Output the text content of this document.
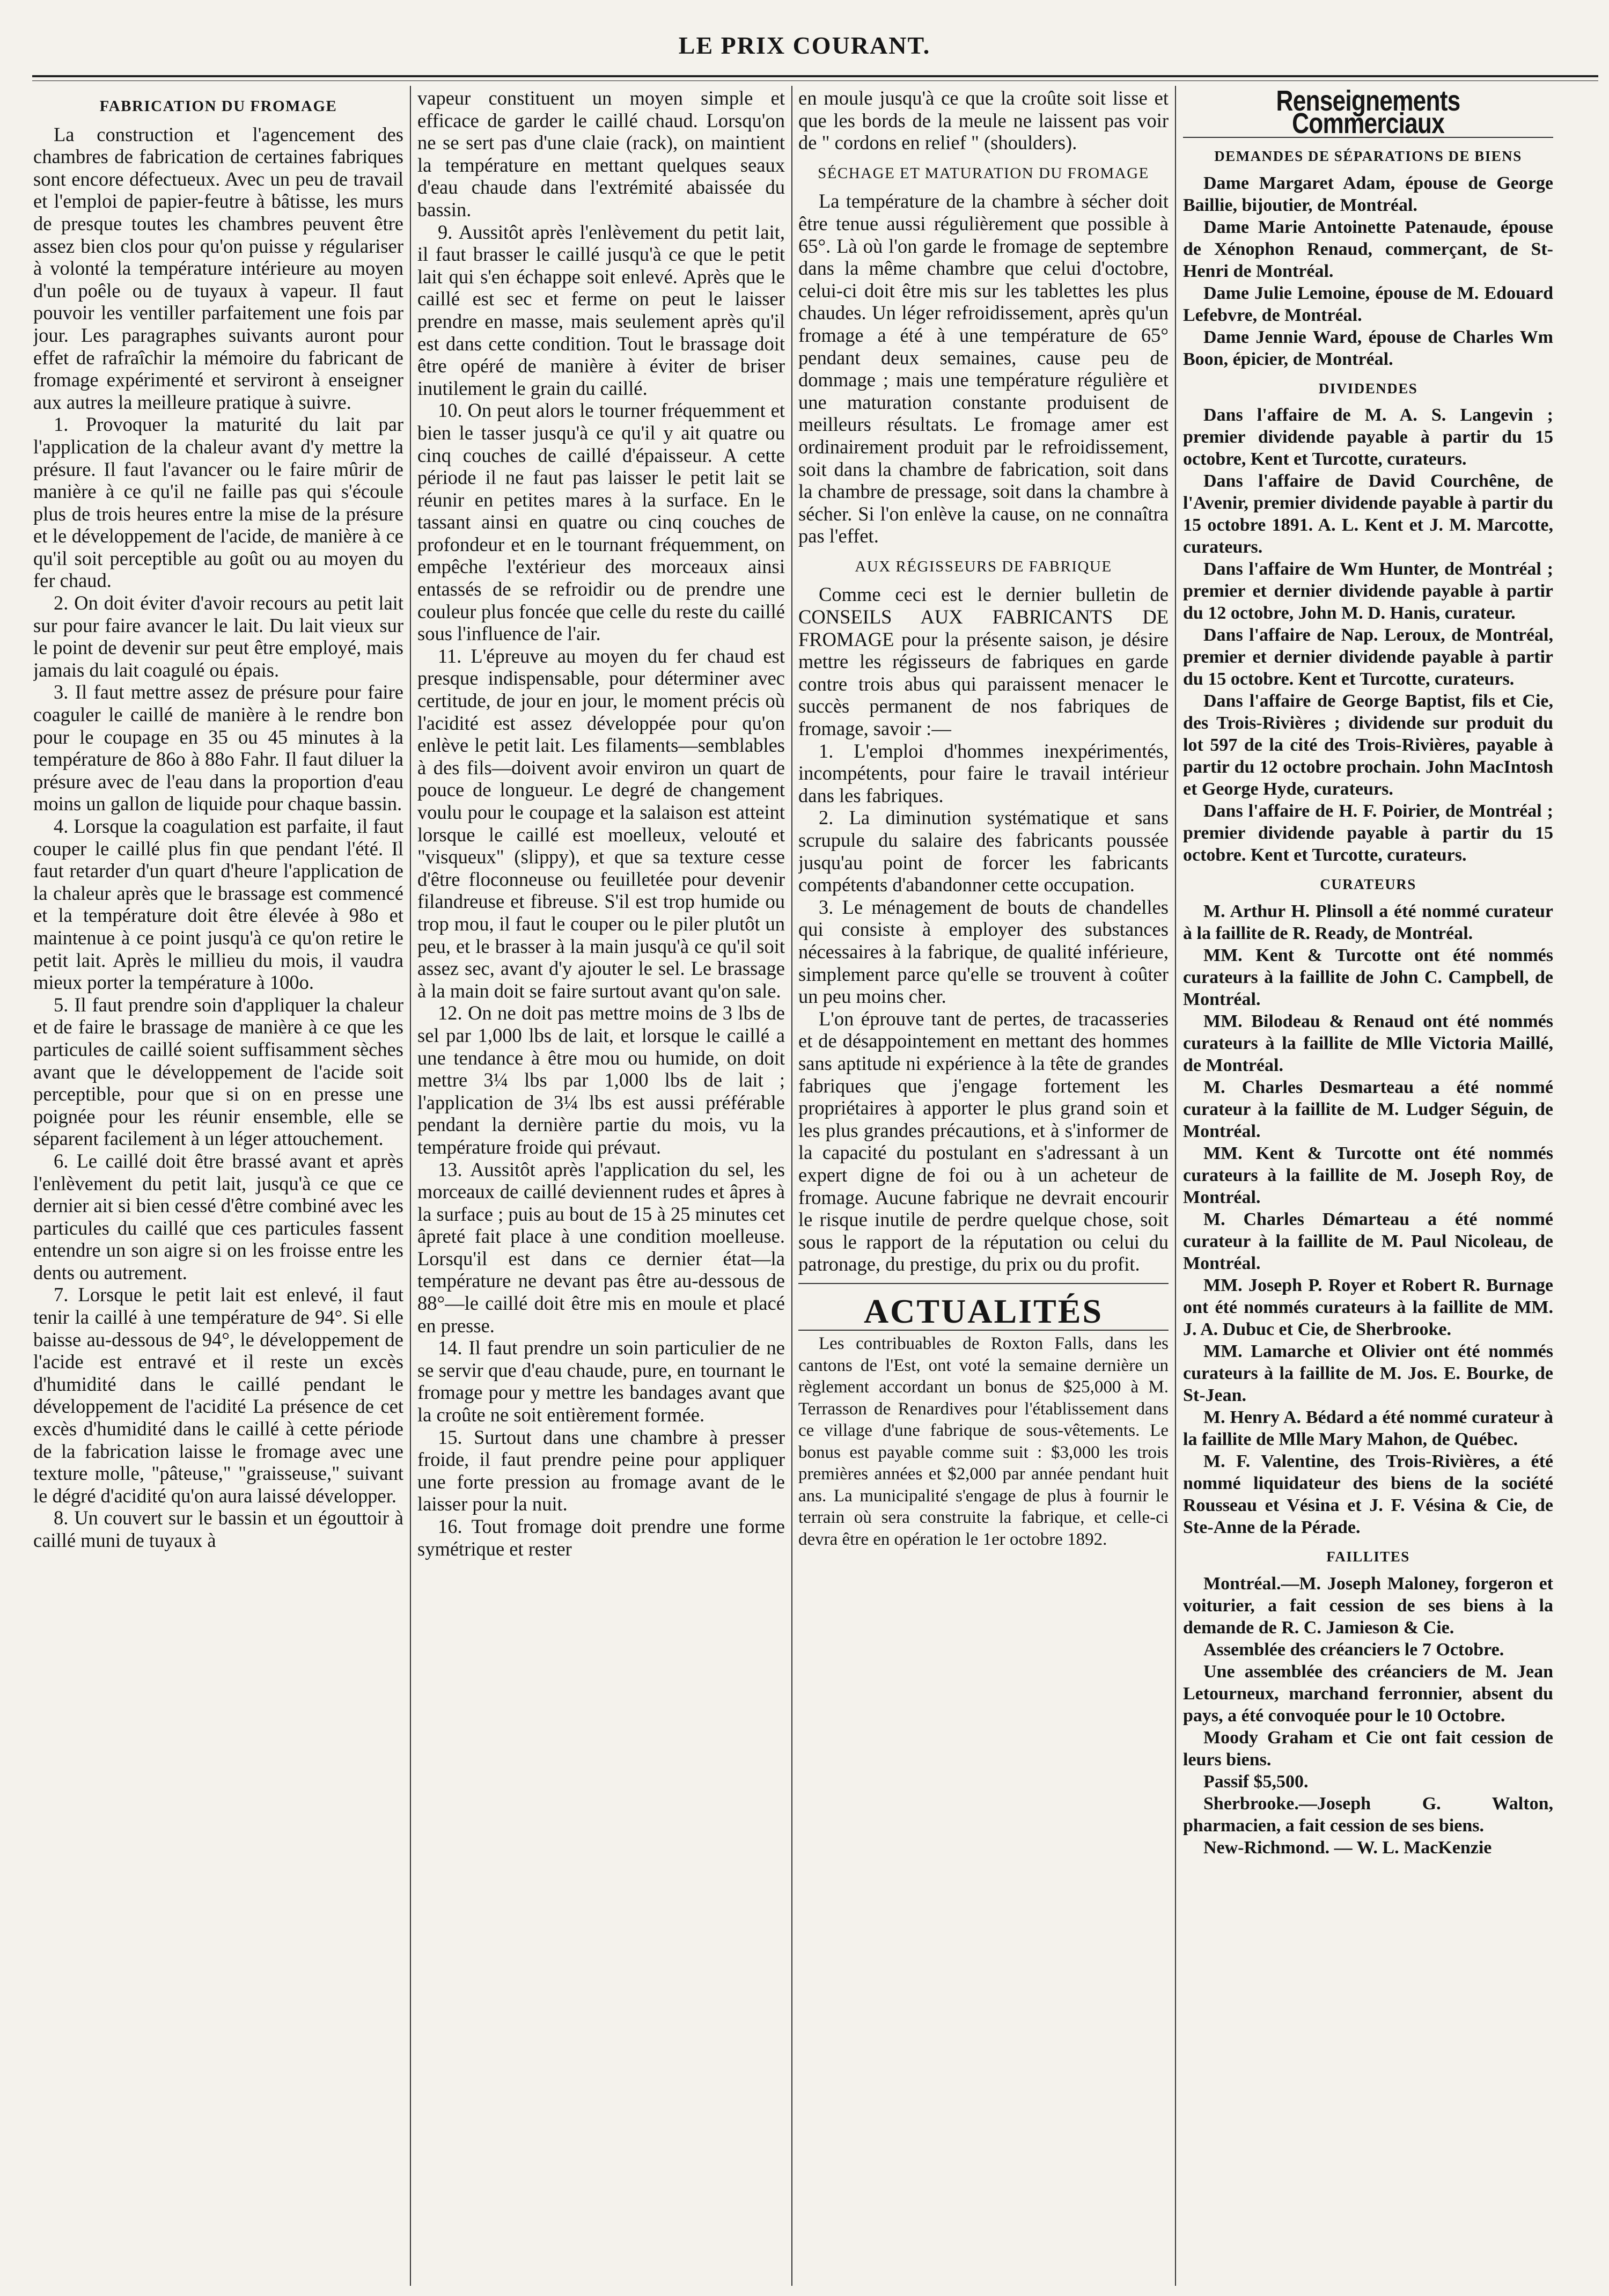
LE PRIX COURANT.
FABRICATION DU FROMAGE

La construction et l'agencement des chambres de fabrication de certaines fabriques sont encore défectueux. Avec un peu de travail et l'emploi de papier-feutre à bâtisse, les murs de presque toutes les chambres peuvent être assez bien clos pour qu'on puisse y régulariser à volonté la température intérieure au moyen d'un poêle ou de tuyaux à vapeur. Il faut pouvoir les ventiller parfaitement une fois par jour. Les paragraphes suivants auront pour effet de rafraîchir la mémoire du fabricant de fromage expérimenté et serviront à enseigner aux autres la meilleure pratique à suivre.

1. Provoquer la maturité du lait par l'application de la chaleur avant d'y mettre la présure. Il faut l'avancer ou le faire mûrir de manière à ce qu'il ne faille pas qui s'écoule plus de trois heures entre la mise de la présure et le développement de l'acide, de manière à ce qu'il soit perceptible au goût ou au moyen du fer chaud.

2. On doit éviter d'avoir recours au petit lait sur pour faire avancer le lait. Du lait vieux sur le point de devenir sur peut être employé, mais jamais du lait coagulé ou épais.

3. Il faut mettre assez de présure pour faire coaguler le caillé de manière à le rendre bon pour le coupage en 35 ou 45 minutes à la température de 86o à 88o Fahr. Il faut diluer la présure avec de l'eau dans la proportion d'eau moins un gallon de liquide pour chaque bassin.

4. Lorsque la coagulation est parfaite, il faut couper le caillé plus fin que pendant l'été. Il faut retarder d'un quart d'heure l'application de la chaleur après que le brassage est commencé et la température doit être élevée à 98o et maintenue à ce point jusqu'à ce qu'on retire le petit lait. Après le millieu du mois, il vaudra mieux porter la température à 100o.

5. Il faut prendre soin d'appliquer la chaleur et de faire le brassage de manière à ce que les particules de caillé soient suffisamment sèches avant que le développement de l'acide soit perceptible, pour que si on en presse une poignée pour les réunir ensemble, elle se séparent facilement à un léger attouchement.

6. Le caillé doit être brassé avant et après l'enlèvement du petit lait, jusqu'à ce que ce dernier ait si bien cessé d'être combiné avec les particules du caillé que ces particules fassent entendre un son aigre si on les froisse entre les dents ou autrement.

7. Lorsque le petit lait est enlevé, il faut tenir la caillé à une température de 94°. Si elle baisse au-dessous de 94°, le développement de l'acide est entravé et il reste un excès d'humidité dans le caillé pendant le développement de l'acidité La présence de cet excès d'humidité dans le caillé à cette période de la fabrication laisse le fromage avec une texture molle, "pâteuse," "graisseuse," suivant le dégré d'acidité qu'on aura laissé développer.

8. Un couvert sur le bassin et un égouttoir à caillé muni de tuyaux à

vapeur constituent un moyen simple et efficace de garder le caillé chaud. Lorsqu'on ne se sert pas d'une claie (rack), on maintient la température en mettant quelques seaux d'eau chaude dans l'extrémité abaissée du bassin.

9. Aussitôt après l'enlèvement du petit lait, il faut brasser le caillé jusqu'à ce que le petit lait qui s'en échappe soit enlevé. Après que le caillé est sec et ferme on peut le laisser prendre en masse, mais seulement après qu'il est dans cette condition. Tout le brassage doit être opéré de manière à éviter de briser inutilement le grain du caillé.

10. On peut alors le tourner fréquemment et bien le tasser jusqu'à ce qu'il y ait quatre ou cinq couches de caillé d'épaisseur. A cette période il ne faut pas laisser le petit lait se réunir en petites mares à la surface. En le tassant ainsi en quatre ou cinq couches de profondeur et en le tournant fréquemment, on empêche l'extérieur des morceaux ainsi entassés de se refroidir ou de prendre une couleur plus foncée que celle du reste du caillé sous l'influence de l'air.

11. L'épreuve au moyen du fer chaud est presque indispensable, pour déterminer avec certitude, de jour en jour, le moment précis où l'acidité est assez développée pour qu'on enlève le petit lait. Les filaments—semblables à des fils—doivent avoir environ un quart de pouce de longueur. Le degré de changement voulu pour le coupage et la salaison est atteint lorsque le caillé est moelleux, velouté et "visqueux" (slippy), et que sa texture cesse d'être floconneuse ou feuilletée pour devenir filandreuse et fibreuse. S'il est trop humide ou trop mou, il faut le couper ou le piler plutôt un peu, et le brasser à la main jusqu'à ce qu'il soit assez sec, avant d'y ajouter le sel. Le brassage à la main doit se faire surtout avant qu'on sale.

12. On ne doit pas mettre moins de 3 lbs de sel par 1,000 lbs de lait, et lorsque le caillé a une tendance à être mou ou humide, on doit mettre 3¼ lbs par 1,000 lbs de lait ; l'application de 3¼ lbs est aussi préférable pendant la dernière partie du mois, vu la température froide qui prévaut.

13. Aussitôt après l'application du sel, les morceaux de caillé deviennent rudes et âpres à la surface ; puis au bout de 15 à 25 minutes cet âpreté fait place à une condition moelleuse. Lorsqu'il est dans ce dernier état—la température ne devant pas être au-dessous de 88°—le caillé doit être mis en moule et placé en presse.

14. Il faut prendre un soin particulier de ne se servir que d'eau chaude, pure, en tournant le fromage pour y mettre les bandages avant que la croûte ne soit entièrement formée.

15. Surtout dans une chambre à presser froide, il faut prendre peine pour appliquer une forte pression au fromage avant de le laisser pour la nuit.

16. Tout fromage doit prendre une forme symétrique et rester

en moule jusqu'à ce que la croûte soit lisse et que les bords de la meule ne laissent pas voir de " cordons en relief " (shoulders).

SÉCHAGE ET MATURATION DU FROMAGE

La température de la chambre à sécher doit être tenue aussi régulièrement que possible à 65°. Là où l'on garde le fromage de septembre dans la même chambre que celui d'octobre, celui-ci doit être mis sur les tablettes les plus chaudes. Un léger refroidissement, après qu'un fromage a été à une température de 65° pendant deux semaines, cause peu de dommage ; mais une température régulière et une maturation constante produisent de meilleurs résultats. Le fromage amer est ordinairement produit par le refroidissement, soit dans la chambre de fabrication, soit dans la chambre de pressage, soit dans la chambre à sécher. Si l'on enlève la cause, on ne connaîtra pas l'effet.

AUX RÉGISSEURS DE FABRIQUE

Comme ceci est le dernier bulletin de CONSEILS AUX FABRICANTS DE FROMAGE pour la présente saison, je désire mettre les régisseurs de fabriques en garde contre trois abus qui paraissent menacer le succès permanent de nos fabriques de fromage, savoir :—

1. L'emploi d'hommes inexpérimentés, incompétents, pour faire le travail intérieur dans les fabriques.

2. La diminution systématique et sans scrupule du salaire des fabricants poussée jusqu'au point de forcer les fabricants compétents d'abandonner cette occupation.

3. Le ménagement de bouts de chandelles qui consiste à employer des substances nécessaires à la fabrique, de qualité inférieure, simplement parce qu'elle se trouvent à coûter un peu moins cher.

L'on éprouve tant de pertes, de tracasseries et de désappointement en mettant des hommes sans aptitude ni expérience à la tête de grandes fabriques que j'engage fortement les propriétaires à apporter le plus grand soin et les plus grandes précautions, et à s'informer de la capacité du postulant en s'adressant à un expert digne de foi ou à un acheteur de fromage. Aucune fabrique ne devrait encourir le risque inutile de perdre quelque chose, soit sous le rapport de la réputation ou celui du patronage, du prestige, du prix ou du profit.

ACTUALITÉS

Les contribuables de Roxton Falls, dans les cantons de l'Est, ont voté la semaine dernière un règlement accordant un bonus de $25,000 à M. Terrasson de Renardives pour l'établissement dans ce village d'une fabrique de sous-vêtements. Le bonus est payable comme suit : $3,000 les trois premières années et $2,000 par année pendant huit ans. La municipalité s'engage de plus à fournir le terrain où sera construite la fabrique, et celle-ci devra être en opération le 1er octobre 1892.

Renseignements Commerciaux
DEMANDES DE SÉPARATIONS DE BIENS

Dame Margaret Adam, épouse de George Baillie, bijoutier, de Montréal.

Dame Marie Antoinette Patenaude, épouse de Xénophon Renaud, commerçant, de St-Henri de Montréal.

Dame Julie Lemoine, épouse de M. Edouard Lefebvre, de Montréal.

Dame Jennie Ward, épouse de Charles Wm Boon, épicier, de Montréal.

DIVIDENDES

Dans l'affaire de M. A. S. Langevin ; premier dividende payable à partir du 15 octobre, Kent et Turcotte, curateurs.

Dans l'affaire de David Courchêne, de l'Avenir, premier dividende payable à partir du 15 octobre 1891. A. L. Kent et J. M. Marcotte, curateurs.

Dans l'affaire de Wm Hunter, de Montréal ; premier et dernier dividende payable à partir du 12 octobre, John M. D. Hanis, curateur.

Dans l'affaire de Nap. Leroux, de Montréal, premier et dernier dividende payable à partir du 15 octobre. Kent et Turcotte, curateurs.

Dans l'affaire de George Baptist, fils et Cie, des Trois-Rivières ; dividende sur produit du lot 597 de la cité des Trois-Rivières, payable à partir du 12 octobre prochain. John MacIntosh et George Hyde, curateurs.

Dans l'affaire de H. F. Poirier, de Montréal ; premier dividende payable à partir du 15 octobre. Kent et Turcotte, curateurs.

CURATEURS

M. Arthur H. Plinsoll a été nommé curateur à la faillite de R. Ready, de Montréal.

MM. Kent & Turcotte ont été nommés curateurs à la faillite de John C. Campbell, de Montréal.

MM. Bilodeau & Renaud ont été nommés curateurs à la faillite de Mlle Victoria Maillé, de Montréal.

M. Charles Desmarteau a été nommé curateur à la faillite de M. Ludger Séguin, de Montréal.

MM. Kent & Turcotte ont été nommés curateurs à la faillite de M. Joseph Roy, de Montréal.

M. Charles Démarteau a été nommé curateur à la faillite de M. Paul Nicoleau, de Montréal.

MM. Joseph P. Royer et Robert R. Burnage ont été nommés curateurs à la faillite de MM. J. A. Dubuc et Cie, de Sherbrooke.

MM. Lamarche et Olivier ont été nommés curateurs à la faillite de M. Jos. E. Bourke, de St-Jean.

M. Henry A. Bédard a été nommé curateur à la faillite de Mlle Mary Mahon, de Québec.

M. F. Valentine, des Trois-Rivières, a été nommé liquidateur des biens de la société Rousseau et Vésina et J. F. Vésina & Cie, de Ste-Anne de la Pérade.

FAILLITES

Montréal.—M. Joseph Maloney, forgeron et voiturier, a fait cession de ses biens à la demande de R. C. Jamieson & Cie.

Assemblée des créanciers le 7 Octobre.

Une assemblée des créanciers de M. Jean Letourneux, marchand ferronnier, absent du pays, a été convoquée pour le 10 Octobre.

Moody Graham et Cie ont fait cession de leurs biens.

Passif $5,500.

Sherbrooke.—Joseph G. Walton, pharmacien, a fait cession de ses biens.

New-Richmond. — W. L. MacKenzie
